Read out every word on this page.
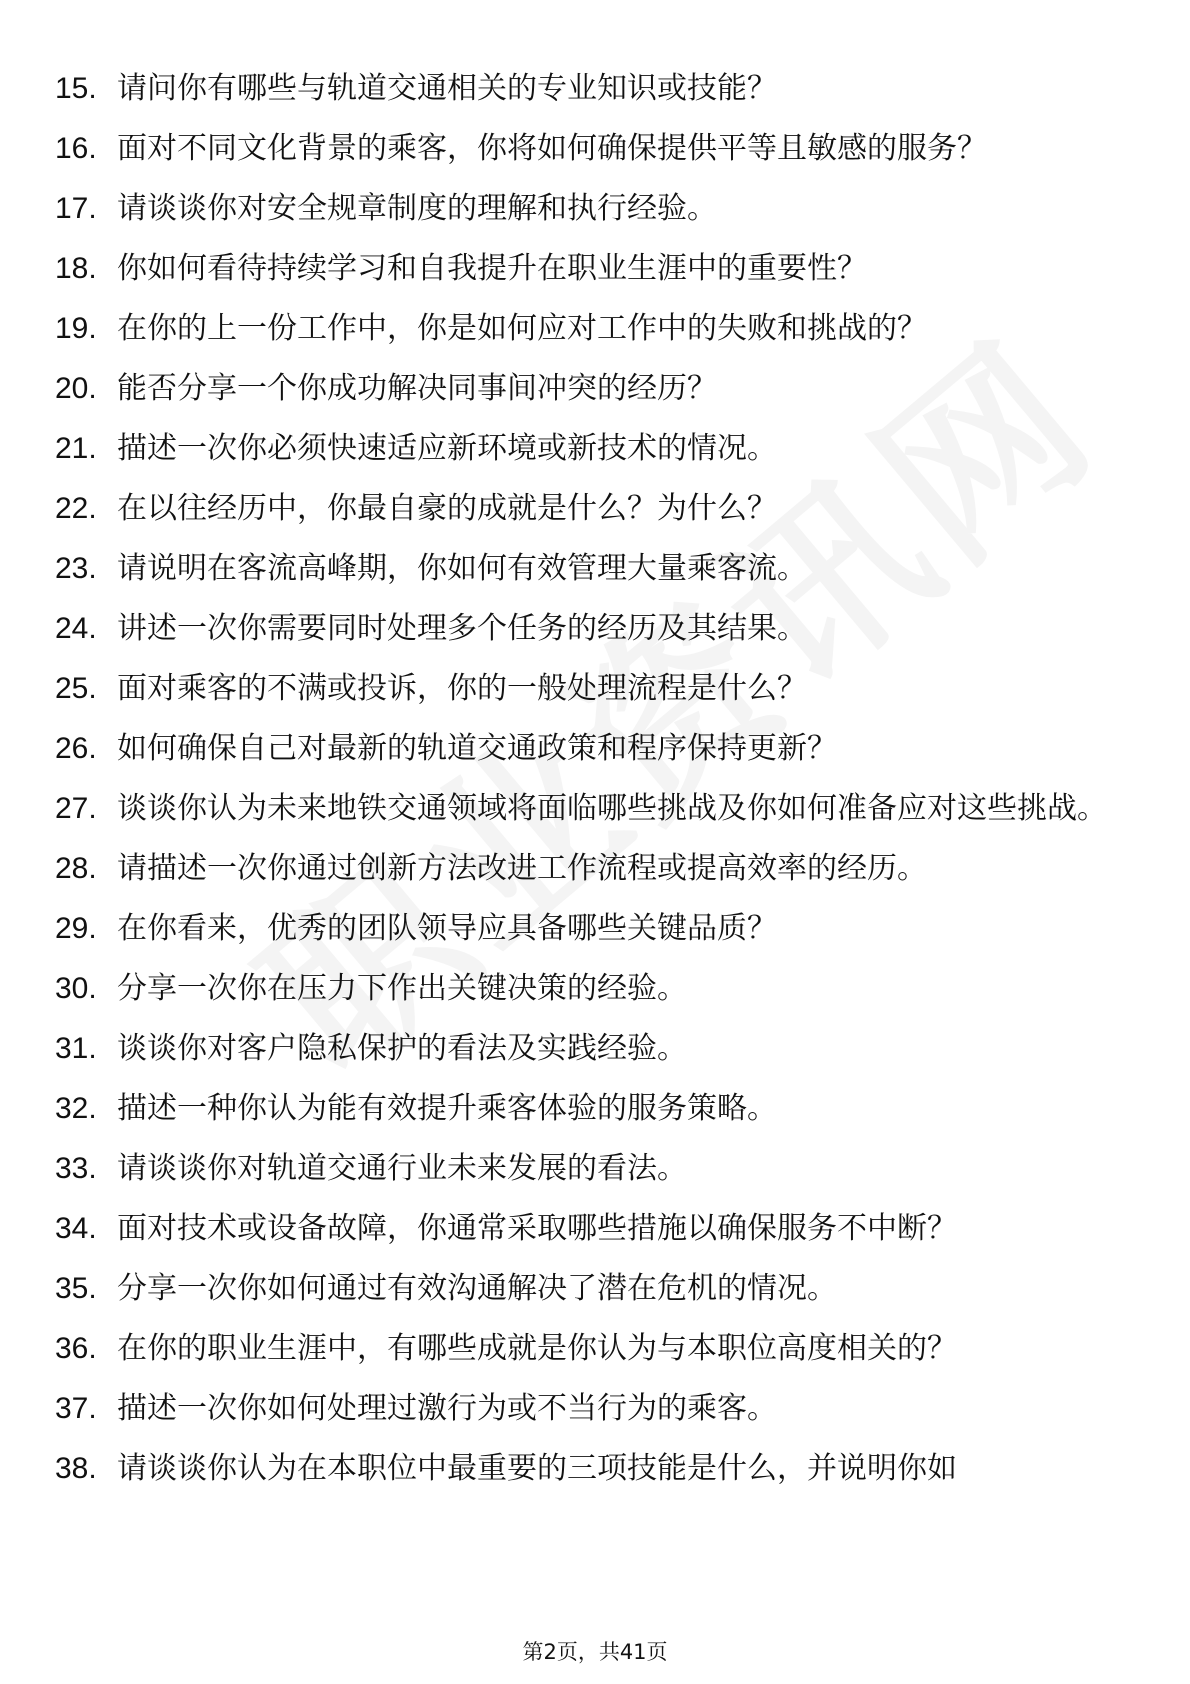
15. 请问你有哪些与轨道交通相关的专业知识或技能？
16. 面对不同文化背景的乘客，你将如何确保提供平等且敏感的服务？
17. 请谈谈你对安全规章制度的理解和执行经验。
18. 你如何看待持续学习和自我提升在职业生涯中的重要性？
19. 在你的上一份工作中，你是如何应对工作中的失败和挑战的？
20. 能否分享一个你成功解决同事间冲突的经历？
21. 描述一次你必须快速适应新环境或新技术的情况。
22. 在以往经历中，你最自豪的成就是什么？为什么？
23. 请说明在客流高峰期，你如何有效管理大量乘客流。
24. 讲述一次你需要同时处理多个任务的经历及其结果。
25. 面对乘客的不满或投诉，你的一般处理流程是什么？
26. 如何确保自己对最新的轨道交通政策和程序保持更新？
27. 谈谈你认为未来地铁交通领域将面临哪些挑战及你如何准备应对这些挑战。
28. 请描述一次你通过创新方法改进工作流程或提高效率的经历。
29. 在你看来，优秀的团队领导应具备哪些关键品质？
30. 分享一次你在压力下作出关键决策的经验。
31. 谈谈你对客户隐私保护的看法及实践经验。
32. 描述一种你认为能有效提升乘客体验的服务策略。
33. 请谈谈你对轨道交通行业未来发展的看法。
34. 面对技术或设备故障，你通常采取哪些措施以确保服务不中断？
35. 分享一次你如何通过有效沟通解决了潜在危机的情况。
36. 在你的职业生涯中，有哪些成就是你认为与本职位高度相关的？
37. 描述一次你如何处理过激行为或不当行为的乘客。
38. 请谈谈你认为在本职位中最重要的三项技能是什么，并说明你如
第2页，共41页
